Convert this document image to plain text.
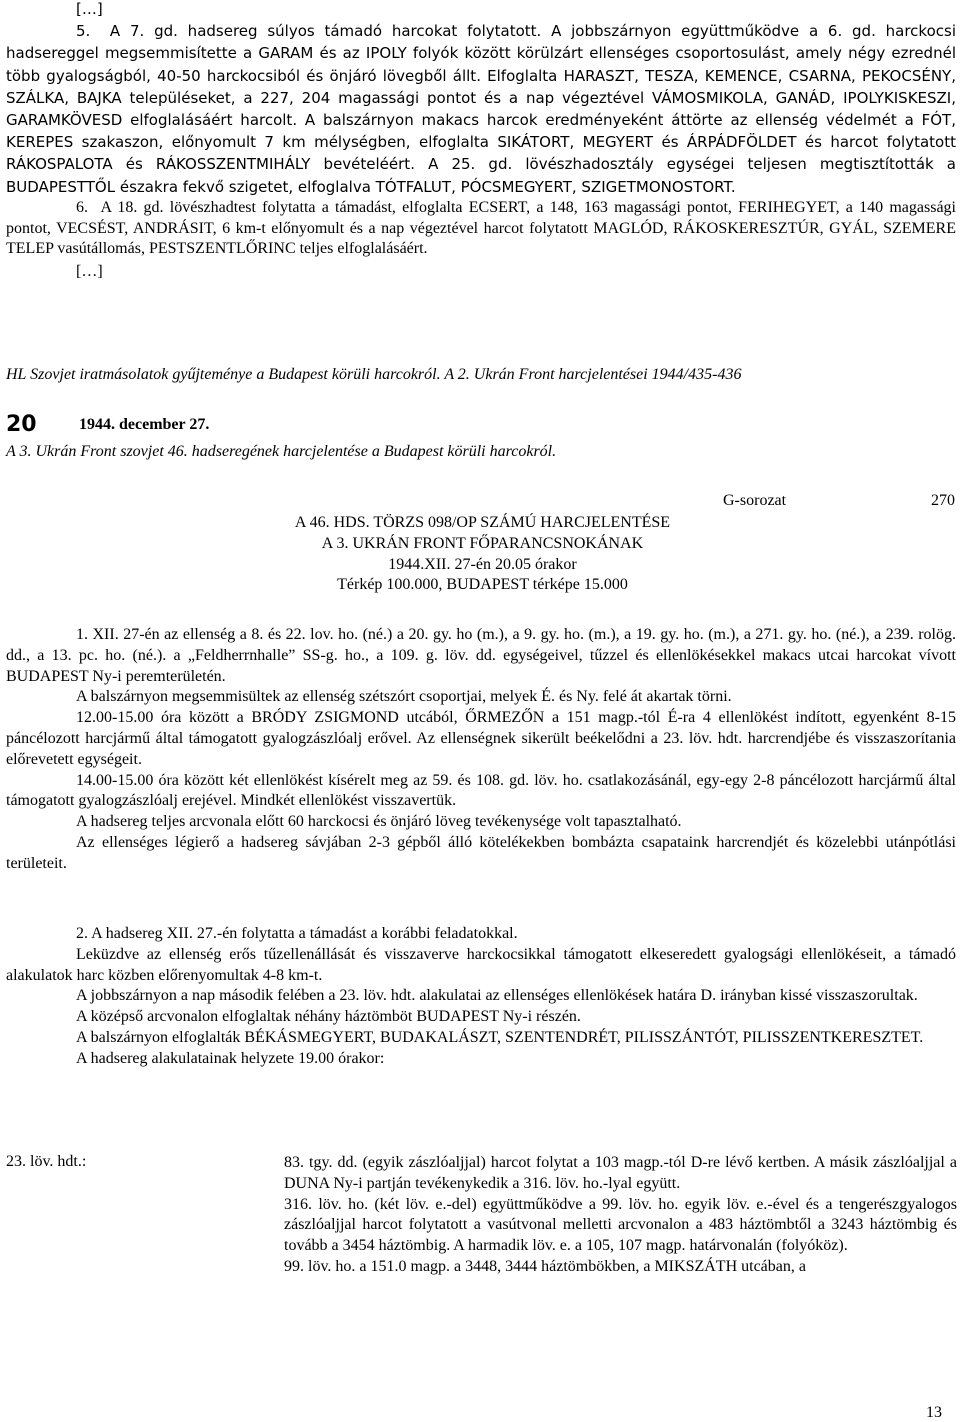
[…]

5.  A 7. gd. hadsereg súlyos támadó harcokat folytatott. A jobbszárnyon együttműködve a 6. gd. harckocsi hadsereggel megsemmisítette a GARAM és az IPOLY folyók között körülzárt ellenséges csoportosulást, amely négy ezrednél több gyalogságból, 40-50 harckocsiból és önjáró lövegből állt. Elfoglalta HARASZT, TESZA, KEMENCE, CSARNA, PEKOCSÉNY, SZÁLKA, BAJKA településeket, a 227, 204 magassági pontot és a nap végeztével VÁMOSMIKOLA, GANÁD, IPOLYKISKESZI, GARAMKÖVESD elfoglalásáért harcolt. A balszárnyon makacs harcok eredményeként áttörte az ellenség védelmét a FÓT, KEREPES szakaszon, előnyomult 7 km mélységben, elfoglalta SIKÁTORT, MEGYERT és ÁRPÁDFÖLDET és harcot folytatott RÁKOSPALOTA és RÁKOSSZENTMIHÁLY bevételéért. A 25. gd. lövészhadosztály egységei teljesen megtisztították a BUDAPESTTŐL északra fekvő szigetet, elfoglalva TÓTFALUT, PÓCSMEGYERT, SZIGETMONOSTORT.

6.  A 18. gd. lövészhadtest folytatta a támadást, elfoglalta ECSERT, a 148, 163 magassági pontot, FERIHEGYET, a 140 magassági pontot, VECSÉST, ANDRÁSIT, 6 km-t előnyomult és a nap végeztével harcot folytatott MAGLÓD, RÁKOSKERESZTÚR, GYÁL, SZEMERE TELEP vasútállomás, PESTSZENTLŐRINC teljes elfoglalásáért.

[…]

HL Szovjet iratmásolatok gyűjteménye a Budapest körüli harcokról. A 2. Ukrán Front harcjelentései 1944/435-436

20	1944. december 27.

A 3. Ukrán Front szovjet 46. hadseregének harcjelentése a Budapest körüli harcokról.

G-sorozat	270

A 46. HDS. TÖRZS 098/OP SZÁMÚ HARCJELENTÉSE

A 3. UKRÁN FRONT FŐPARANCSNOKÁNAK

1944.XII. 27-én 20.05 órakor

Térkép 100.000, BUDAPEST térképe 15.000

1. XII. 27-én az ellenség a 8. és 22. lov. ho. (né.) a 20. gy. ho (m.), a 9. gy. ho. (m.), a 19. gy. ho. (m.), a 271. gy. ho. (né.), a 239. rolög. dd., a 13. pc. ho. (né.). a „Feldherrnhalle” SS-g. ho., a 109. g. löv. dd. egységeivel, tűzzel és ellenlökésekkel makacs utcai harcokat vívott BUDAPEST Ny-i peremterületén.

A balszárnyon megsemmisültek az ellenség szétszórt csoportjai, melyek É. és Ny. felé át akartak törni.

12.00-15.00 óra között a BRÓDY ZSIGMOND utcából, ŐRMEZŐN a 151 magp.-tól É-ra 4 ellenlökést indított, egyenként 8-15 páncélozott harcjármű által támogatott gyalogzászlóalj erővel. Az ellenségnek sikerült beékelődni a 23. löv. hdt. harcrendjébe és visszaszorítania előrevetett egységeit.

14.00-15.00 óra között két ellenlökést kísérelt meg az 59. és 108. gd. löv. ho. csatlakozásánál, egy-egy 2-8 páncélozott harcjármű által támogatott gyalogzászlóalj erejével. Mindkét ellenlökést visszavertük.

A hadsereg teljes arcvonala előtt 60 harckocsi és önjáró löveg tevékenysége volt tapasztalható.

Az ellenséges légierő a hadsereg sávjában 2-3 gépből álló kötelékekben bombázta csapataink harcrendjét és közelebbi utánpótlási területeit.

2. A hadsereg XII. 27.-én folytatta a támadást a korábbi feladatokkal.

Leküzdve az ellenség erős tűzellenállását és visszaverve harckocsikkal támogatott elkeseredett gyalogsági ellenlökéseit, a támadó alakulatok harc közben előrenyomultak 4-8 km-t.

A jobbszárnyon a nap második felében a 23. löv. hdt. alakulatai az ellenséges ellenlökések határa D. irányban kissé visszaszorultak.

A középső arcvonalon elfoglaltak néhány háztömböt BUDAPEST Ny-i részén.

A balszárnyon elfoglalták BÉKÁSMEGYERT, BUDAKALÁSZT, SZENTENDRÉT, PILISSZÁNTÓT, PILISSZENTKERESZTET.

A hadsereg alakulatainak helyzete 19.00 órakor:

23. löv. hdt.:	83. tgy. dd. (egyik zászlóaljjal) harcot folytat a 103 magp.-tól D-re lévő kertben. A másik zászlóaljjal a DUNA Ny-i partján tevékenykedik a 316. löv. ho.-lyal együtt.

316. löv. ho. (két löv. e.-del) együttműködve a 99. löv. ho. egyik löv. e.-ével és a tengerészgyalogos zászlóaljjal harcot folytatott a vasútvonal melletti arcvonalon a 483 háztömbtől a 3243 háztömbig és tovább a 3454 háztömbig. A harmadik löv. e. a 105, 107 magp. határvonalán (folyóköz).

99. löv. ho. a 151.0 magp. a 3448, 3444 háztömbökben, a MIKSZÁTH utcában, a

13
